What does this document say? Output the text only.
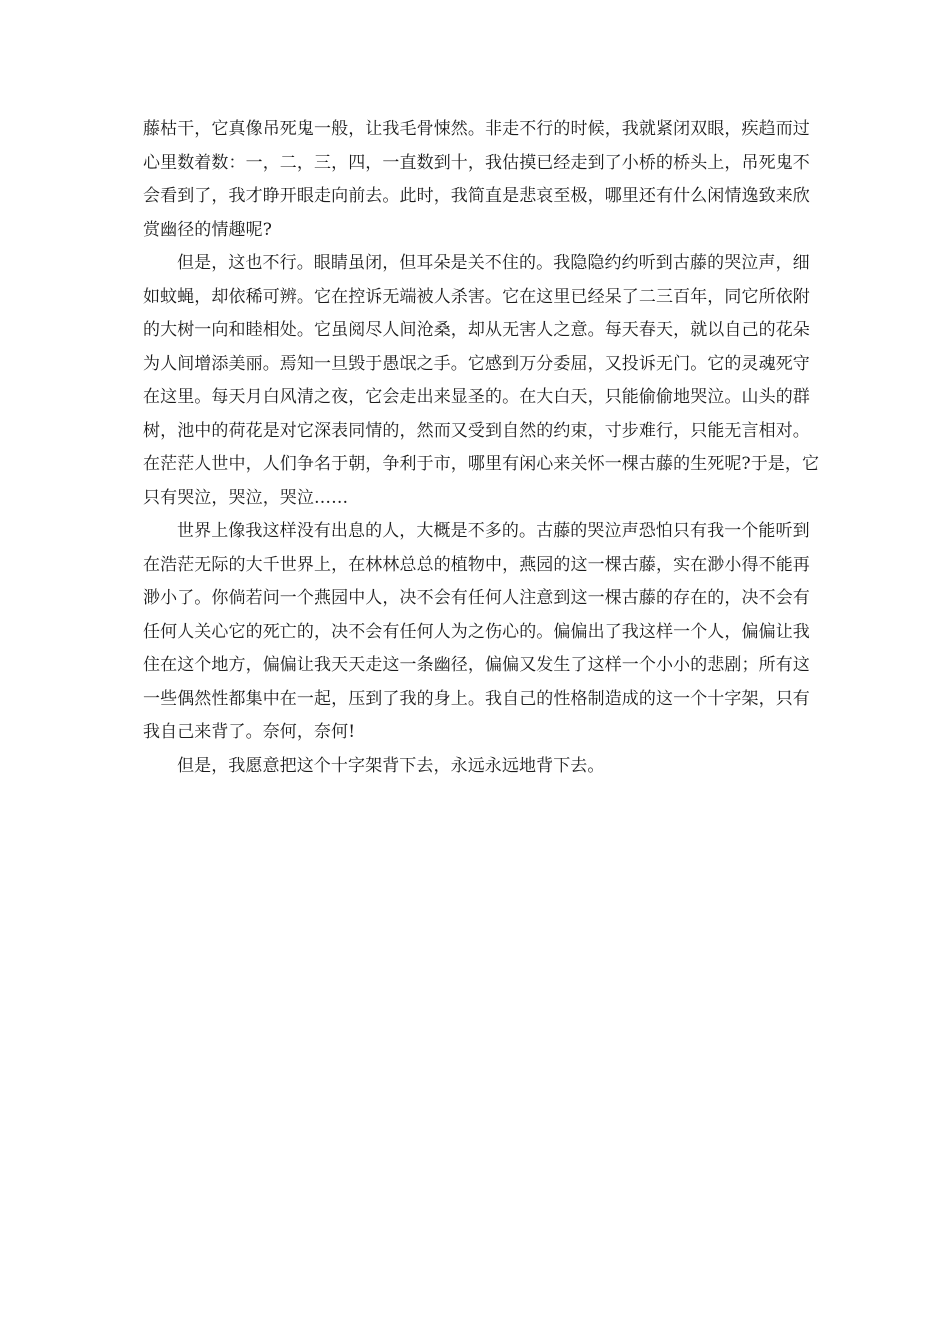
藤枯干，它真像吊死鬼一般，让我毛骨悚然。非走不行的时候，我就紧闭双眼，疾趋而过
心里数着数：一，二，三，四，一直数到十，我估摸已经走到了小桥的桥头上，吊死鬼不
会看到了，我才睁开眼走向前去。此时，我简直是悲哀至极，哪里还有什么闲情逸致来欣
赏幽径的情趣呢?
但是，这也不行。眼睛虽闭，但耳朵是关不住的。我隐隐约约听到古藤的哭泣声，细
如蚊蝇，却依稀可辨。它在控诉无端被人杀害。它在这里已经呆了二三百年，同它所依附
的大树一向和睦相处。它虽阅尽人间沧桑，却从无害人之意。每天春天，就以自己的花朵
为人间增添美丽。焉知一旦毁于愚氓之手。它感到万分委屈，又投诉无门。它的灵魂死守
在这里。每天月白风清之夜，它会走出来显圣的。在大白天，只能偷偷地哭泣。山头的群
树，池中的荷花是对它深表同情的，然而又受到自然的约束，寸步难行，只能无言相对。
在茫茫人世中，人们争名于朝，争利于市，哪里有闲心来关怀一棵古藤的生死呢?于是，它
只有哭泣，哭泣，哭泣……
世界上像我这样没有出息的人，大概是不多的。古藤的哭泣声恐怕只有我一个能听到
在浩茫无际的大千世界上，在林林总总的植物中，燕园的这一棵古藤，实在渺小得不能再
渺小了。你倘若问一个燕园中人，决不会有任何人注意到这一棵古藤的存在的，决不会有
任何人关心它的死亡的，决不会有任何人为之伤心的。偏偏出了我这样一个人，偏偏让我
住在这个地方，偏偏让我天天走这一条幽径，偏偏又发生了这样一个小小的悲剧；所有这
一些偶然性都集中在一起，压到了我的身上。我自己的性格制造成的这一个十字架，只有
我自己来背了。奈何，奈何!
但是，我愿意把这个十字架背下去，永远永远地背下去。
